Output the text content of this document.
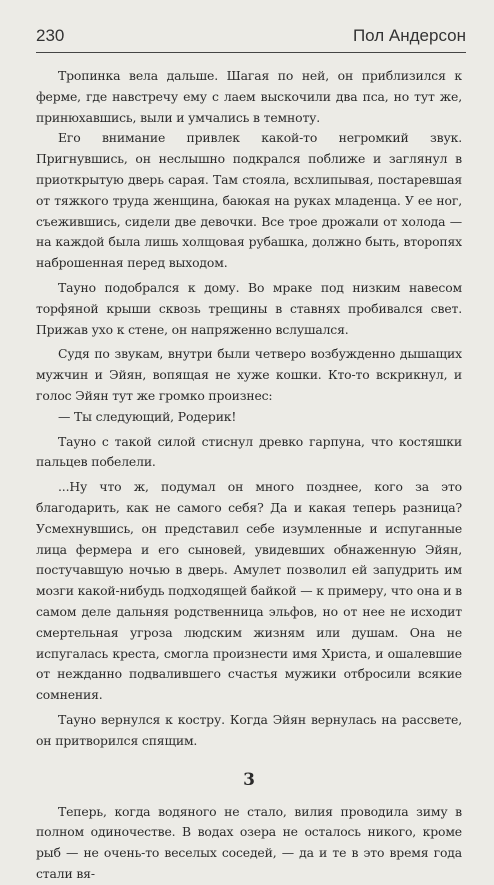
230	Пол Андерсон

Тропинка вела дальше. Шагая по ней, он приблизился к ферме, где навстречу ему с лаем выскочили два пса, но тут же, принюхавшись, выли и умчались в темноту.

Его внимание привлек какой-то негромкий звук. Пригнувшись, он неслышно подкрался поближе и заглянул в приоткрытую дверь сарая. Там стояла, всхлипывая, постаревшая от тяжкого труда женщина, баюкая на руках младенца. У ее ног, съежившись, сидели две девочки. Все трое дрожали от холода — на каждой была лишь холщовая рубашка, должно быть, второпях наброшенная перед выходом.

Тауно подобрался к дому. Во мраке под низким навесом торфяной крыши сквозь трещины в ставнях пробивался свет. Прижав ухо к стене, он напряженно вслушался.

Судя по звукам, внутри были четверо возбужденно дышащих мужчин и Эйян, вопящая не хуже кошки. Кто-то вскрикнул, и голос Эйян тут же громко произнес:

— Ты следующий, Родерик!

Тауно с такой силой стиснул древко гарпуна, что костяшки пальцев побелели.

...Ну что ж, подумал он много позднее, кого за это благодарить, как не самого себя? Да и какая теперь разница? Усмехнувшись, он представил себе изумленные и испуганные лица фермера и его сыновей, увидевших обнаженную Эйян, постучавшую ночью в дверь. Амулет позволил ей запудрить им мозги какой-нибудь подходящей байкой — к примеру, что она и в самом деле дальняя родственница эльфов, но от нее не исходит смертельная угроза людским жизням или душам. Она не испугалась креста, смогла произнести имя Христа, и ошалевшие от нежданно подвалившего счастья мужики отбросили всякие сомнения.

Тауно вернулся к костру. Когда Эйян вернулась на рассвете, он притворился спящим.

3

Теперь, когда водяного не стало, вилия проводила зиму в полном одиночестве. В водах озера не осталось никого, кроме рыб — не очень-то веселых соседей, — да и те в это время года стали вя-
